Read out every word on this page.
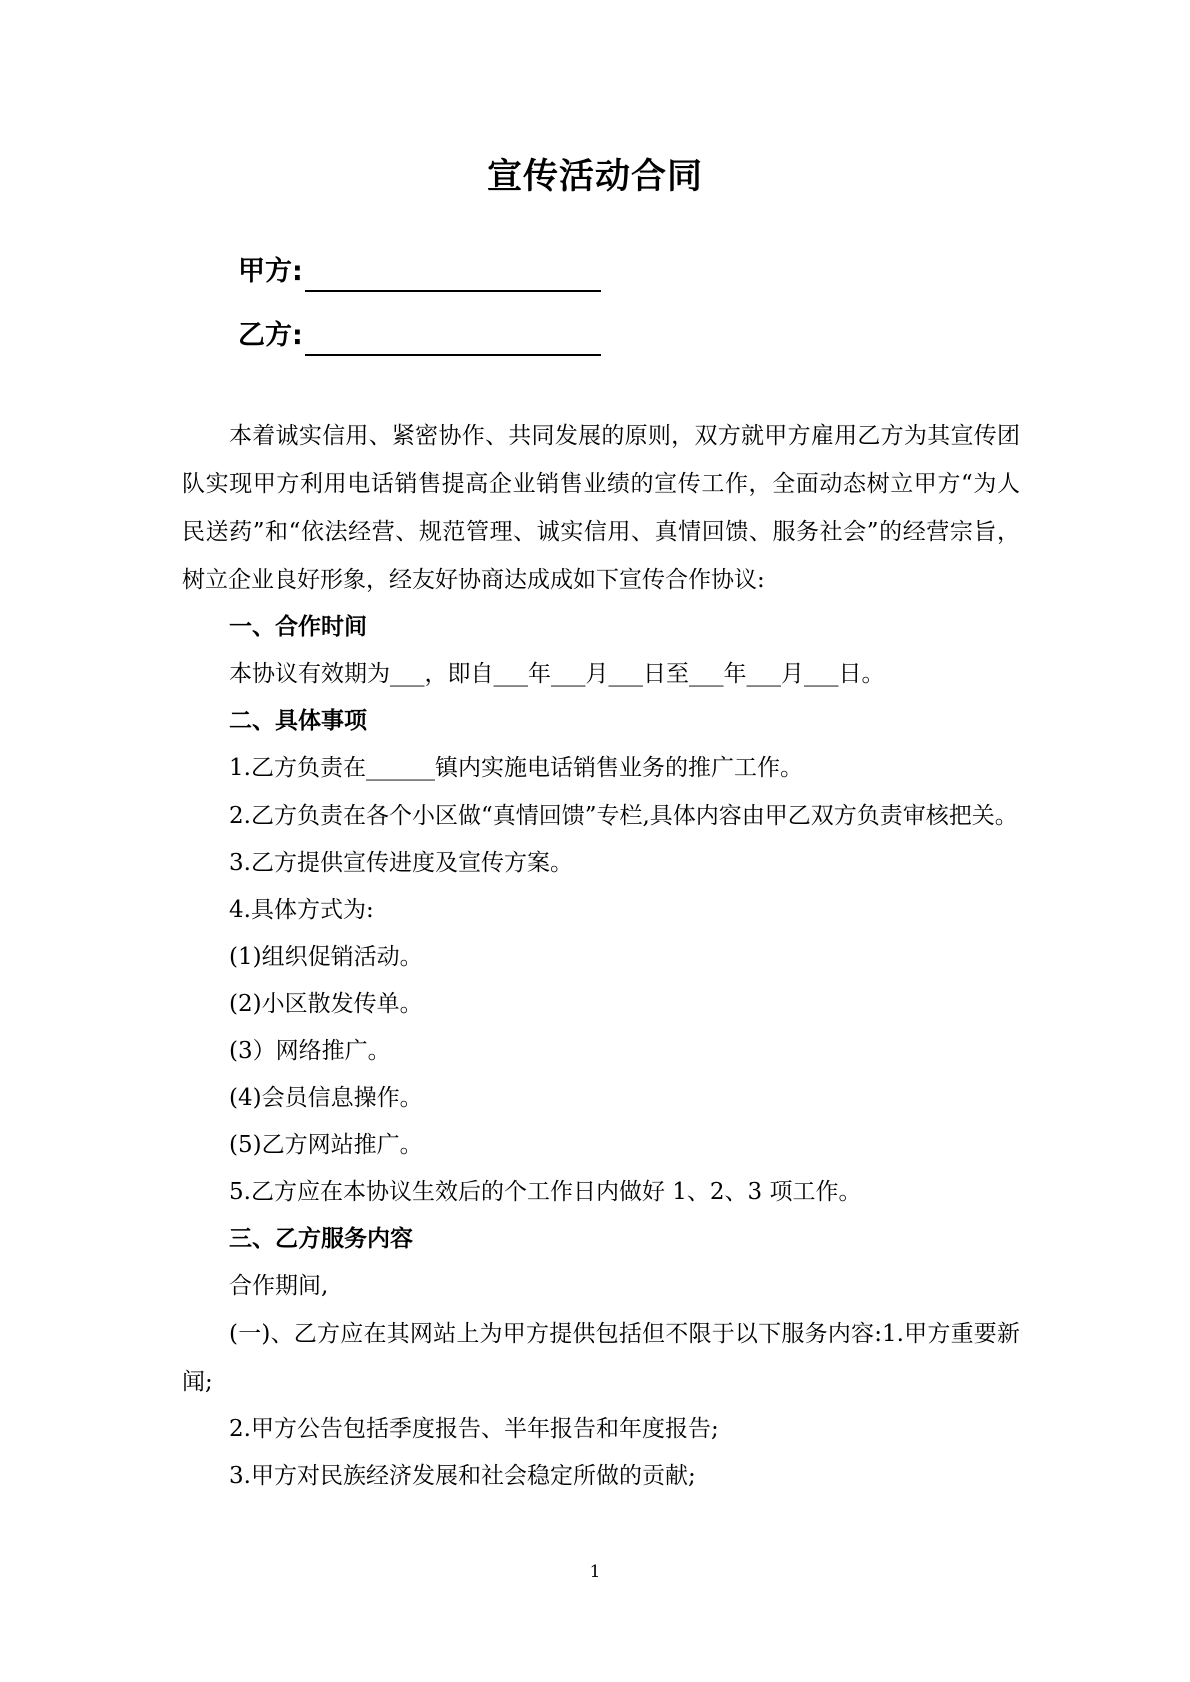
宣传活动合同
甲方:
乙方:

本着诚实信用、紧密协作、共同发展的原则，双方就甲方雇用乙方为其宣传团队实现甲方利用电话销售提高企业销售业绩的宣传工作，全面动态树立甲方“为人民送药”和“依法经营、规范管理、诚实信用、真情回馈、服务社会”的经营宗旨，树立企业良好形象，经友好协商达成成如下宣传合作协议:

一、合作时间

本协议有效期为___，即自___年___月___日至___年___月___日。

二、具体事项

1.乙方负责在______镇内实施电话销售业务的推广工作。

2.乙方负责在各个小区做“真情回馈”专栏,具体内容由甲乙双方负责审核把关。

3.乙方提供宣传进度及宣传方案。

4.具体方式为:

(1)组织促销活动。

(2)小区散发传单。

(3）网络推广。

(4)会员信息操作。

(5)乙方网站推广。

5.乙方应在本协议生效后的个工作日内做好 1、2、3 项工作。

三、乙方服务内容

合作期间,

(一)、乙方应在其网站上为甲方提供包括但不限于以下服务内容:1.甲方重要新闻;

2.甲方公告包括季度报告、半年报告和年度报告;

3.甲方对民族经济发展和社会稳定所做的贡献;

1
